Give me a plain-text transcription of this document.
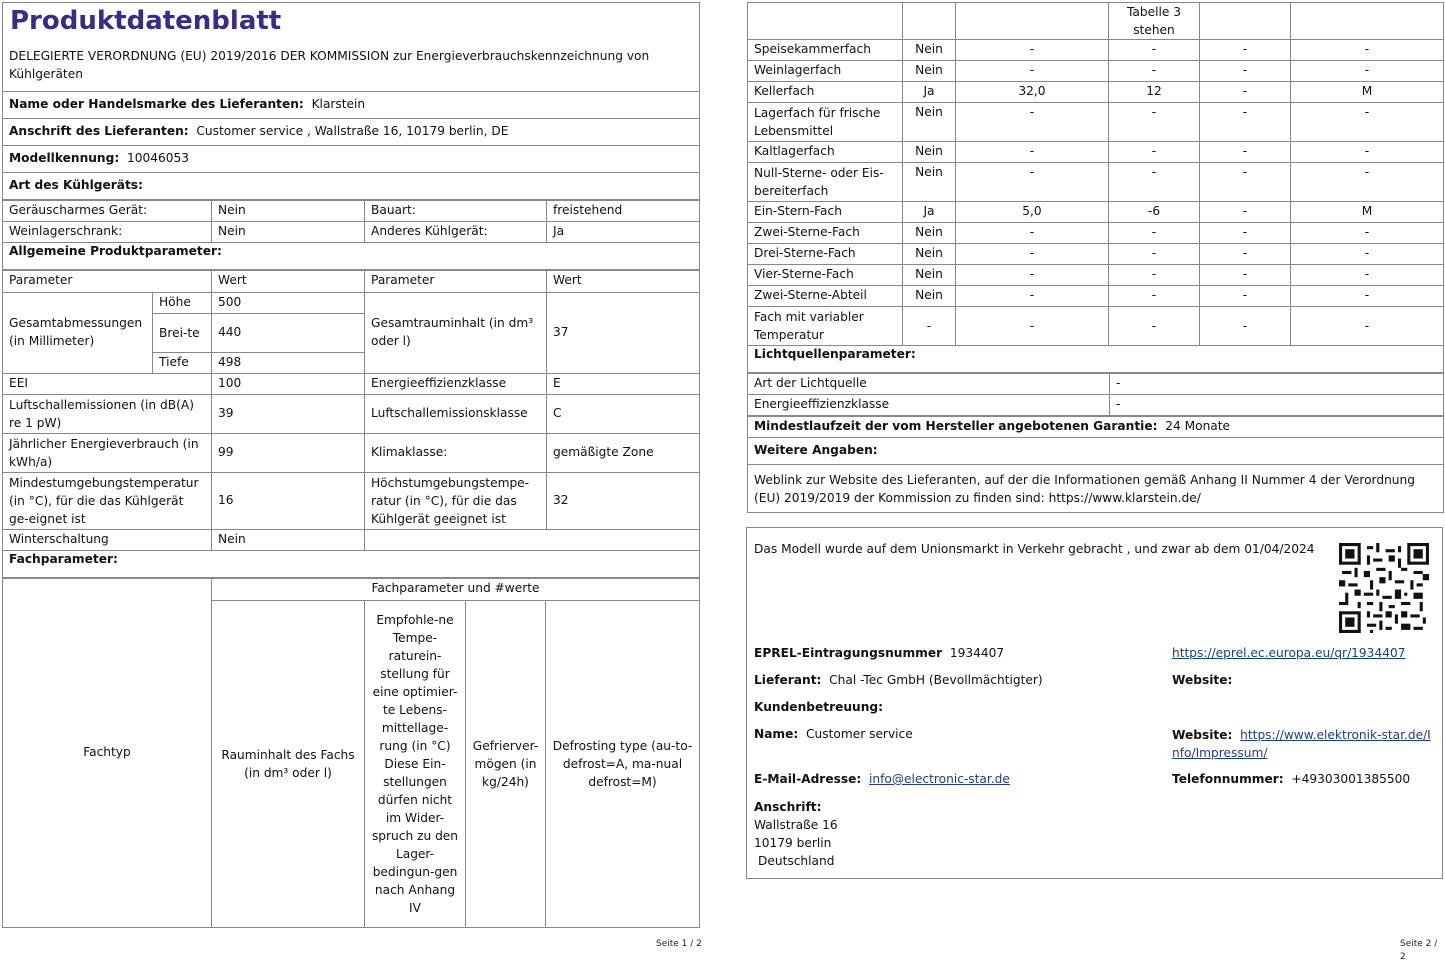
Produktdatenblatt
DELEGIERTE VERORDNUNG (EU) 2019/2016 DER KOMMISSION zur Energieverbrauchskennzeichnung von Kühlgeräten
Name oder Handelsmarke des Lieferanten: Klarstein
Anschrift des Lieferanten: Customer service , Wallstraße 16, 10179 berlin, DE
Modellkennung: 10046053
Art des Kühlgeräts:
Geräuscharmes Gerät:	Nein	Bauart:	freistehend
Weinlagerschrank:	Nein	Anderes Kühlgerät:	Ja
Allgemeine Produktparameter:			
Parameter		Wert	Parameter	Wert
Gesamtabmessungen (in Millimeter)	Höhe	500	Gesamtrauminhalt (in dm³ oder l)	37
	Brei-te	440		
	Tiefe	498		
EEI		100	Energieeffizienzklasse	E
Luftschallemissionen (in dB(A) re 1 pW)		39	Luftschallemissionsklasse	C
Jährlicher Energieverbrauch (in kWh/a)		99	Klimaklasse:	gemäßigte Zone
Mindestumgebungstemperatur (in °C), für die das Kühlgerät ge-eignet ist		16	Höchstumgebungstempe-ratur (in °C), für die das Kühlgerät geeignet ist	32
Winterschaltung		Nein		
Fachparameter:				
Fachtyp	Fachparameter und #werte			
	Rauminhalt des Fachs (in dm³ oder l)	Empfohle-ne Tempe-raturein-stellung für eine optimier-te Lebens-mittellage-rung (in °C)
Diese Ein-stellungen dürfen nicht im Wider-spruch zu den Lager-bedingun-gen nach Anhang IV	Gefrierver-mögen (in kg/24h)	Defrosting type (au-to-defrost=A, ma-nual defrost=M)
Seite 1 / 2
			Tabelle 3 stehen		
Speisekammerfach	Nein	-	-	-	-
Weinlagerfach	Nein	-	-	-	-
Kellerfach	Ja	32,0	12	-	M
Lagerfach für frische Lebensmittel	Nein	-	-	-	-
Kaltlagerfach	Nein	-	-	-	-
Null-Sterne- oder Eis-bereiterfach	Nein	-	-	-	-
Ein-Stern-Fach	Ja	5,0	-6	-	M
Zwei-Sterne-Fach	Nein	-	-	-	-
Drei-Sterne-Fach	Nein	-	-	-	-
Vier-Sterne-Fach	Nein	-	-	-	-
Zwei-Sterne-Abteil	Nein	-	-	-	-
Fach mit variabler Temperatur	-	-	-	-	-
Lichtquellenparameter:					
Art der Lichtquelle	-
Energieeffizienzklasse	-
Mindestlaufzeit der vom Hersteller angebotenen Garantie: 24 Monate
Weitere Angaben:
Weblink zur Website des Lieferanten, auf der die Informationen gemäß Anhang II Nummer 4 der Verordnung (EU) 2019/2019 der Kommission zu finden sind: https://www.klarstein.de/
Das Modell wurde auf dem Unionsmarkt in Verkehr gebracht , und zwar ab dem 01/04/2024
EPREL-Eintragungsnummer 1934407	https://eprel.ec.europa.eu/qr/1934407
Lieferant: Chal -Tec GmbH (Bevollmächtigter)	Website:
Kundenbetreuung:
Name: Customer service	Website: https://www.elektronik-star.de/Info/Impressum/
E-Mail-Adresse: info@electronic-star.de	Telefonnummer: +49303001385500
Anschrift:
Wallstraße 16
10179 berlin
Deutschland
Seite 2 / 2
